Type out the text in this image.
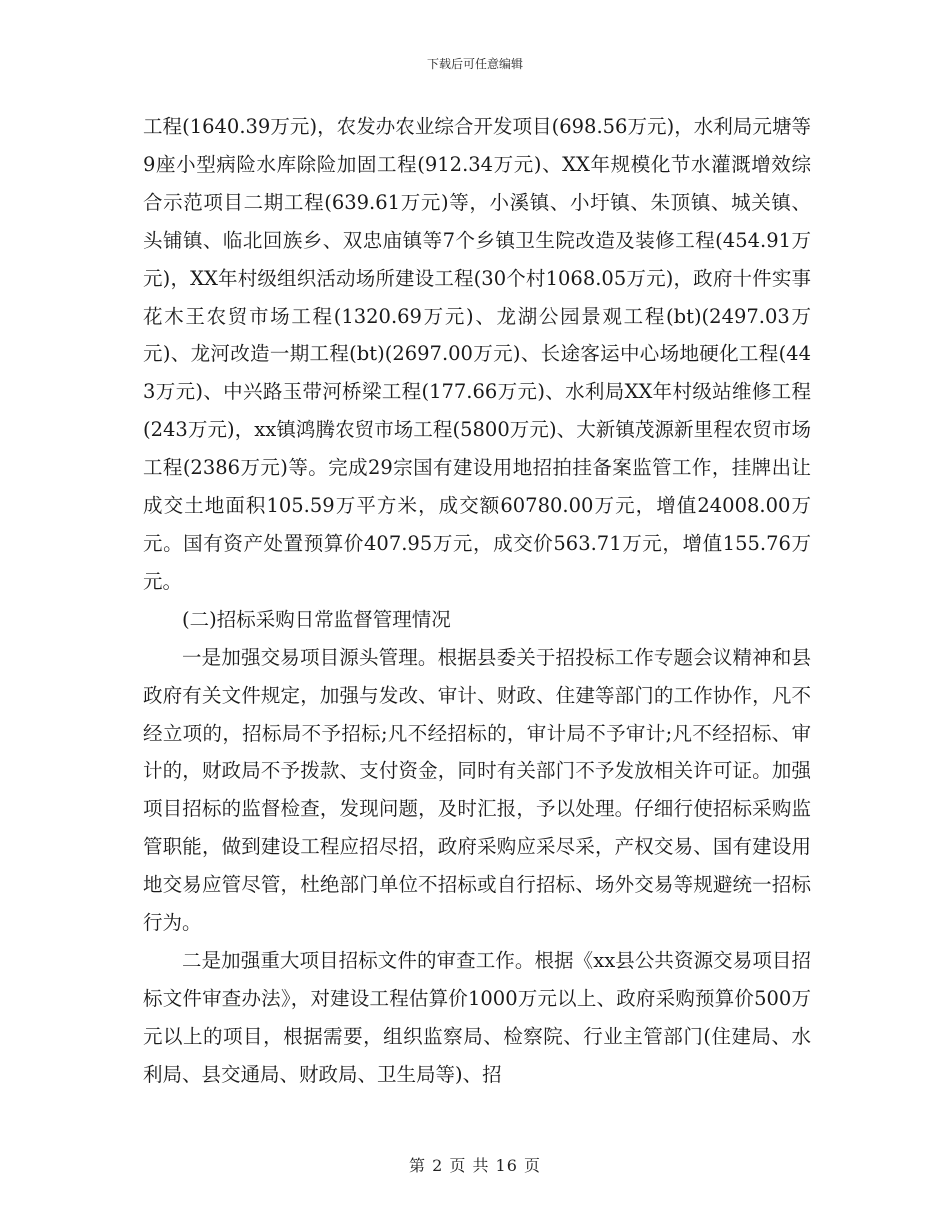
下载后可任意编辑

工程(1640.39万元)，农发办农业综合开发项目(698.56万元)，水利局元塘等9座小型病险水库除险加固工程(912.34万元)、XX年规模化节水灌溉增效综合示范项目二期工程(639.61万元)等，小溪镇、小圩镇、朱顶镇、城关镇、头铺镇、临北回族乡、双忠庙镇等7个乡镇卫生院改造及装修工程(454.91万元)，XX年村级组织活动场所建设工程(30个村1068.05万元)，政府十件实事花木王农贸市场工程(1320.69万元)、龙湖公园景观工程(bt)(2497.03万元)、龙河改造一期工程(bt)(2697.00万元)、长途客运中心场地硬化工程(443万元)、中兴路玉带河桥梁工程(177.66万元)、水利局XX年村级站维修工程(243万元)，xx镇鸿腾农贸市场工程(5800万元)、大新镇茂源新里程农贸市场工程(2386万元)等。完成29宗国有建设用地招拍挂备案监管工作，挂牌出让成交土地面积105.59万平方米，成交额60780.00万元，增值24008.00万元。国有资产处置预算价407.95万元，成交价563.71万元，增值155.76万元。

(二)招标采购日常监督管理情况

一是加强交易项目源头管理。根据县委关于招投标工作专题会议精神和县政府有关文件规定，加强与发改、审计、财政、住建等部门的工作协作，凡不经立项的，招标局不予招标;凡不经招标的，审计局不予审计;凡不经招标、审计的，财政局不予拨款、支付资金，同时有关部门不予发放相关许可证。加强项目招标的监督检查，发现问题，及时汇报，予以处理。仔细行使招标采购监管职能，做到建设工程应招尽招，政府采购应采尽采，产权交易、国有建设用地交易应管尽管，杜绝部门单位不招标或自行招标、场外交易等规避统一招标行为。

二是加强重大项目招标文件的审查工作。根据《xx县公共资源交易项目招标文件审查办法》，对建设工程估算价1000万元以上、政府采购预算价500万元以上的项目，根据需要，组织监察局、检察院、行业主管部门(住建局、水利局、县交通局、财政局、卫生局等)、招

第 2 页 共 16 页
